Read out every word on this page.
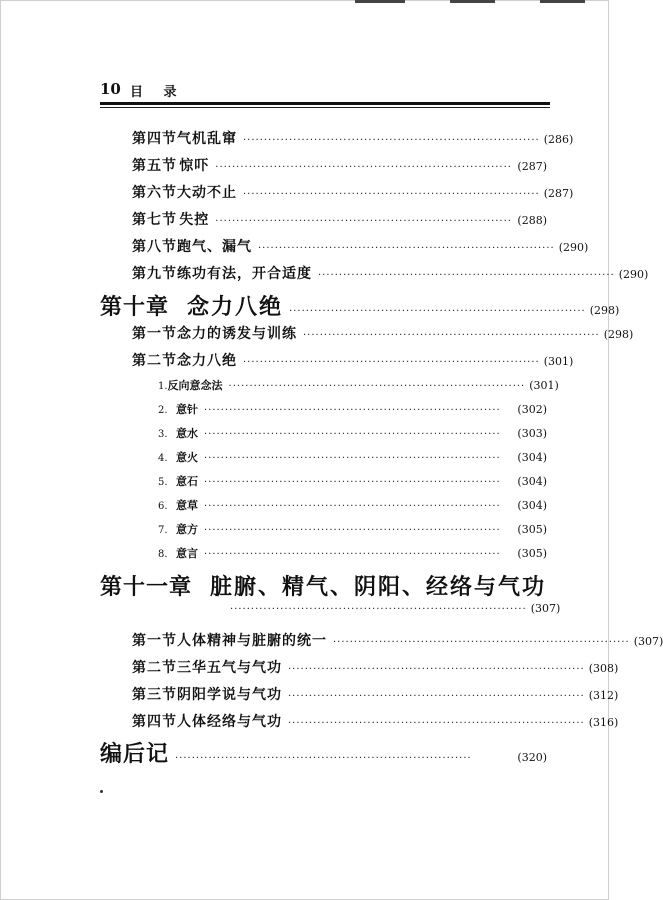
10 目 录
第四节 气机乱窜 ······································································· (286)
第五节 惊吓 ······································································· (287)
第六节 大动不止 ······································································· (287)
第七节 失控 ······································································· (288)
第八节 跑气、漏气 ······································································· (290)
第九节 练功有法，开合适度 ······································································· (290)
第十章 念力八绝 ······································································· (298)
第一节 念力的诱发与训练 ······································································· (298)
第二节 念力八绝 ······································································· (301)
1. 反向意念法 ······································································· (301)
2. 意针 ·······································································	(302)
3. 意水 ·······································································	(303)
4. 意火 ·······································································	(304)
5. 意石 ·······································································	(304)
6. 意草 ·······································································	(304)
7. 意方 ·······································································	(305)
8. 意言 ·······································································	(305)
第十一章 脏腑、精气、阴阳、经络与气功
······································································· (307)
第一节 人体精神与脏腑的统一 ······································································· (307)
第二节 三华五气与气功 ······································································· (308)
第三节 阴阳学说与气功 ······································································· (312)
第四节 人体经络与气功 ······································································· (316)
编后记 ·······································································	(320)
